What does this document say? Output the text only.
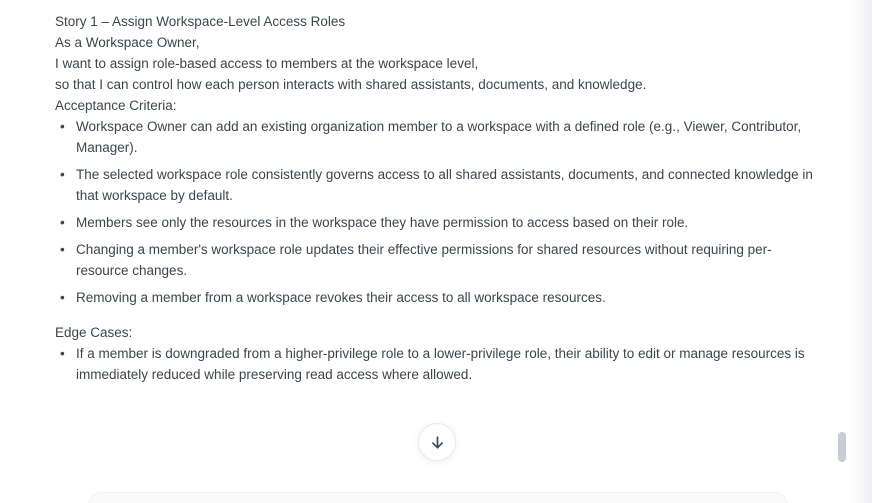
Story 1 – Assign Workspace-Level Access Roles

As a Workspace Owner,

I want to assign role-based access to members at the workspace level,

so that I can control how each person interacts with shared assistants, documents, and knowledge.

Acceptance Criteria:

• Workspace Owner can add an existing organization member to a workspace with a defined role (e.g., Viewer, Contributor, Manager).
• The selected workspace role consistently governs access to all shared assistants, documents, and connected knowledge in that workspace by default.
• Members see only the resources in the workspace they have permission to access based on their role.
• Changing a member's workspace role updates their effective permissions for shared resources without requiring per-resource changes.
• Removing a member from a workspace revokes their access to all workspace resources.

Edge Cases:

• If a member is downgraded from a higher-privilege role to a lower-privilege role, their ability to edit or manage resources is immediately reduced while preserving read access where allowed.
